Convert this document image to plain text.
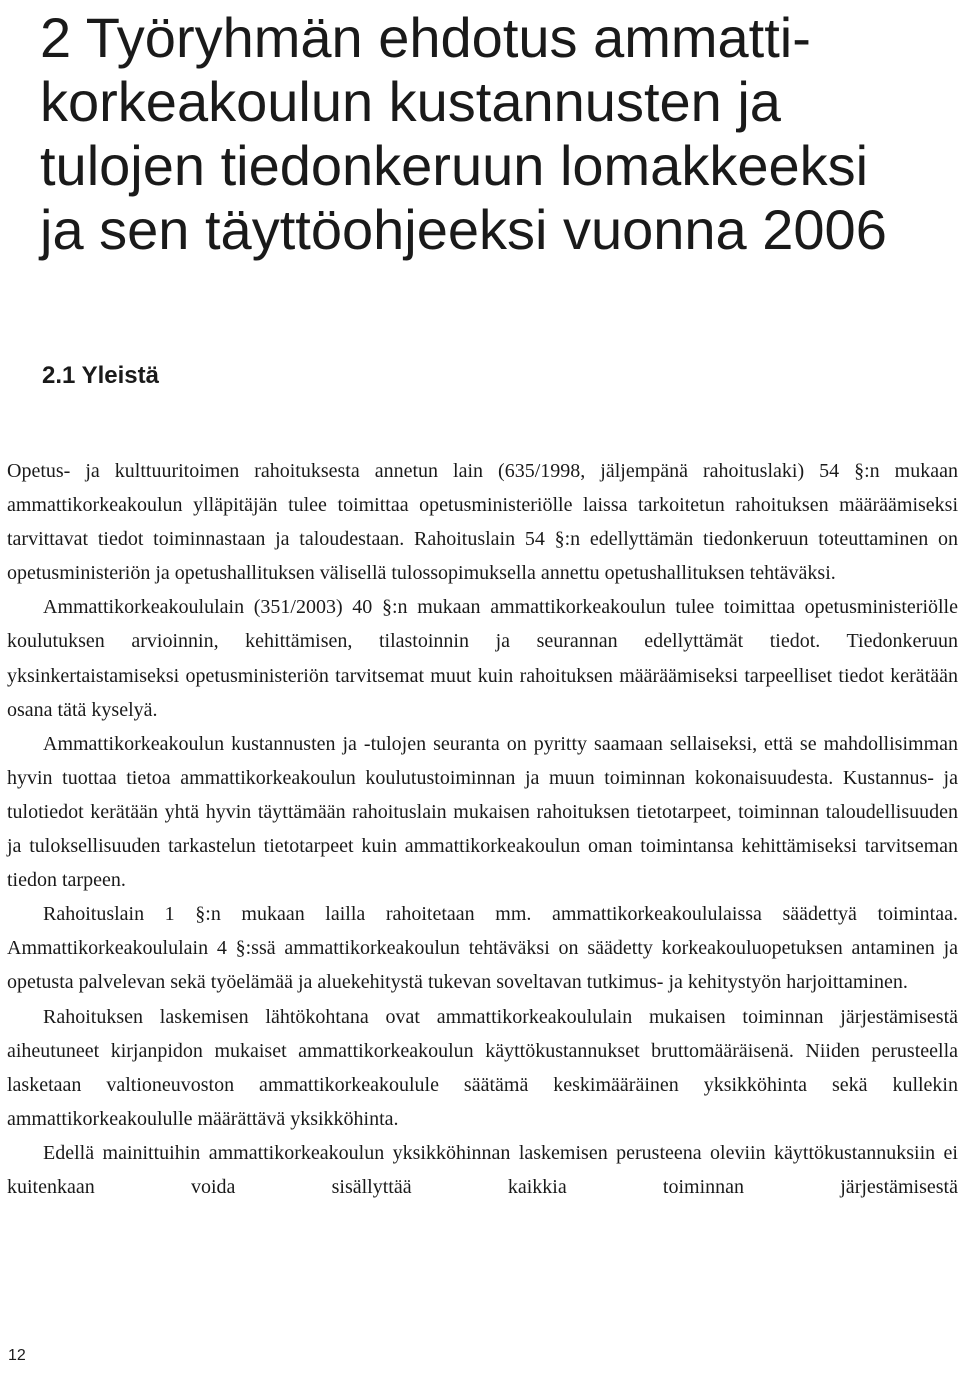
2 Työryhmän ehdotus ammatti-
korkeakoulun kustannusten ja
tulojen tiedonkeruun lomakkeeksi
ja sen täyttöohjeeksi vuonna 2006
2.1 Yleistä

Opetus- ja kulttuuritoimen rahoituksesta annetun lain (635/1998, jäljempänä rahoituslaki) 54 §:n mukaan ammattikorkeakoulun ylläpitäjän tulee toimittaa opetusministeriölle laissa tarkoitetun rahoituksen määräämiseksi tarvittavat tiedot toiminnastaan ja taloudestaan. Rahoituslain 54 §:n edellyttämän tiedonkeruun toteuttaminen on opetusministeriön ja opetushallituksen välisellä tulossopimuksella annettu opetushallituksen tehtäväksi.

Ammattikorkeakoululain (351/2003) 40 §:n mukaan ammattikorkeakoulun tulee toimittaa opetusministeriölle koulutuksen arvioinnin, kehittämisen, tilastoinnin ja seurannan edellyttämät tiedot. Tiedonkeruun yksinkertaistamiseksi opetusministeriön tarvitsemat muut kuin rahoituksen määräämiseksi tarpeelliset tiedot kerätään osana tätä kyselyä.

Ammattikorkeakoulun kustannusten ja -tulojen seuranta on pyritty saamaan sellaiseksi, että se mahdollisimman hyvin tuottaa tietoa ammattikorkeakoulun koulutustoiminnan ja muun toiminnan kokonaisuudesta. Kustannus- ja tulotiedot kerätään yhtä hyvin täyttämään rahoituslain mukaisen rahoituksen tietotarpeet, toiminnan taloudellisuuden ja tuloksellisuuden tarkastelun tietotarpeet kuin ammattikorkeakoulun oman toimintansa kehittämiseksi tarvitseman tiedon tarpeen.

Rahoituslain 1 §:n mukaan lailla rahoitetaan mm. ammattikorkeakoululaissa säädettyä toimintaa. Ammattikorkeakoululain 4 §:ssä ammattikorkeakoulun tehtäväksi on säädetty korkeakouluopetuksen antaminen ja opetusta palvelevan sekä työelämää ja aluekehitystä tukevan soveltavan tutkimus- ja kehitystyön harjoittaminen.

Rahoituksen laskemisen lähtökohtana ovat ammattikorkeakoululain mukaisen toiminnan järjestämisestä aiheutuneet kirjanpidon mukaiset ammattikorkeakoulun käyttökustannukset bruttomääräisenä. Niiden perusteella lasketaan valtioneuvoston ammattikorkeakoulule säätämä keskimääräinen yksikköhinta sekä kullekin ammattikorkeakoululle määrättävä yksikköhinta.

Edellä mainittuihin ammattikorkeakoulun yksikköhinnan laskemisen perusteena oleviin käyttökustannuksiin ei kuitenkaan voida sisällyttää kaikkia toiminnan järjestämisestä

12
